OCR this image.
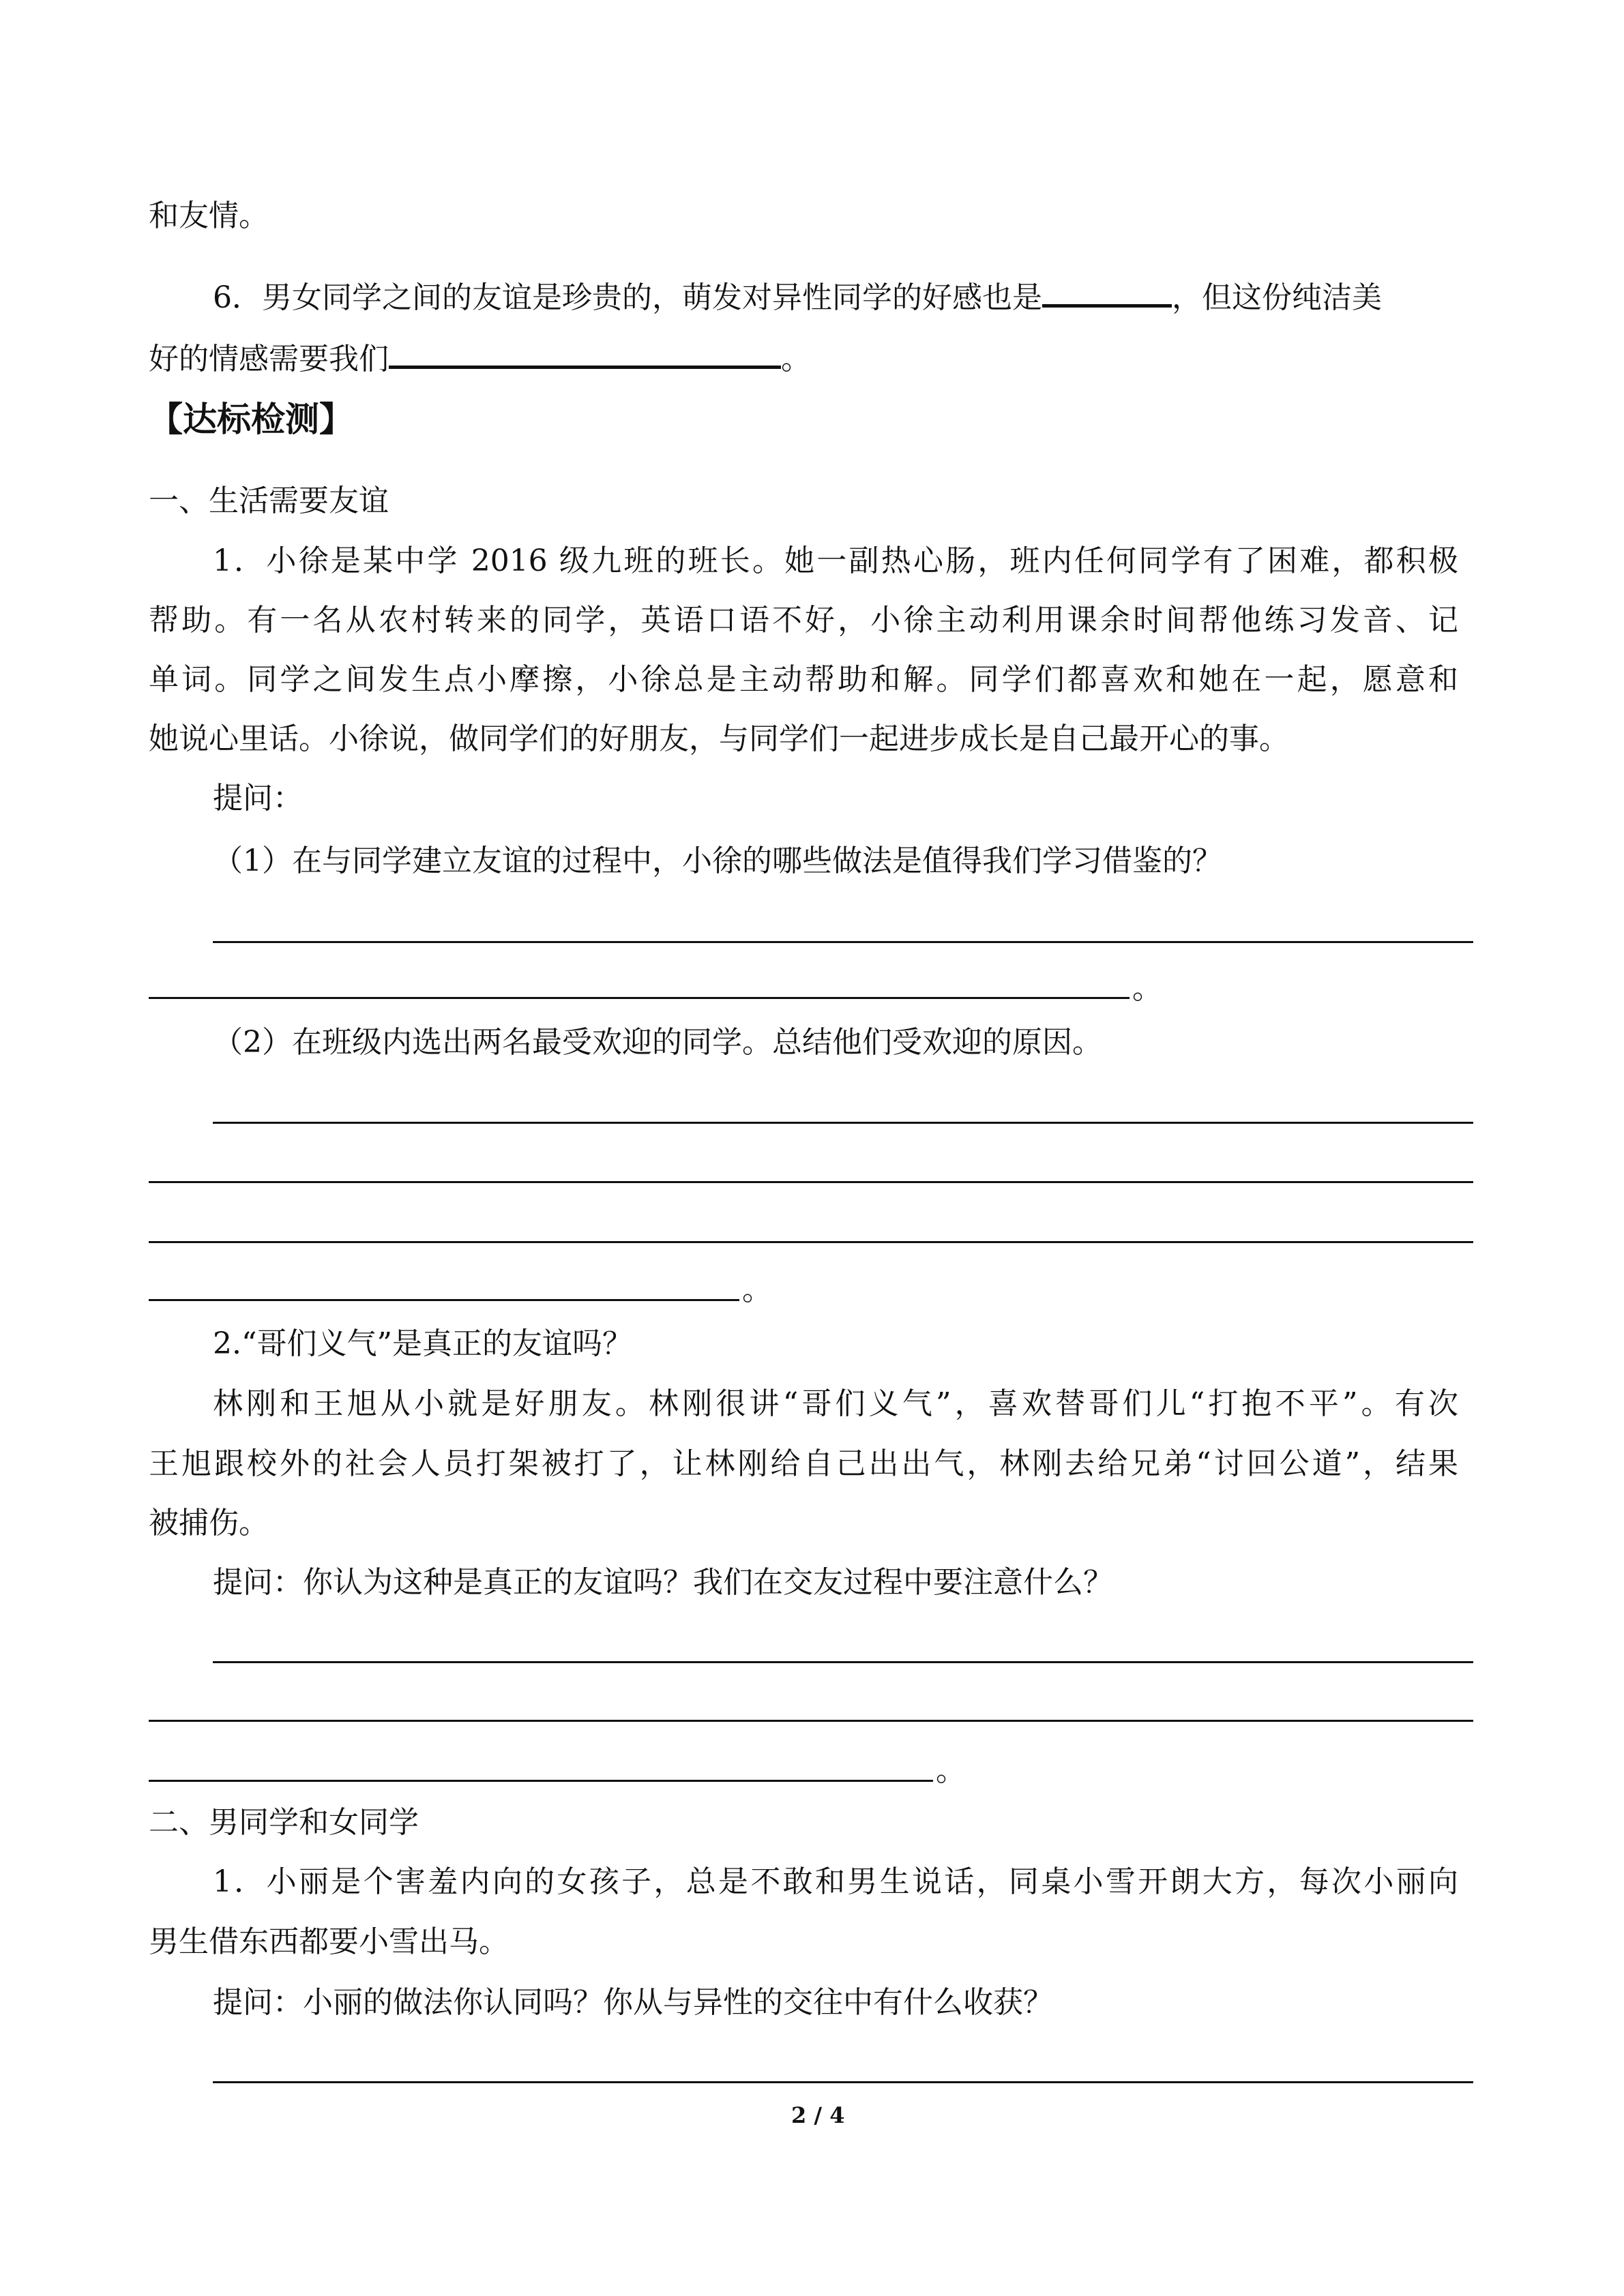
和友情。

6．男女同学之间的友谊是珍贵的，萌发对异性同学的好感也是	，但这份纯洁美

好的情感需要我们	。

【达标检测】

一、生活需要友谊

1．小徐是某中学 2016 级九班的班长。她一副热心肠，班内任何同学有了困难，都积极

帮助。有一名从农村转来的同学，英语口语不好，小徐主动利用课余时间帮他练习发音、记

单词。同学之间发生点小摩擦，小徐总是主动帮助和解。同学们都喜欢和她在一起，愿意和

她说心里话。小徐说，做同学们的好朋友，与同学们一起进步成长是自己最开心的事。

提问：

（1）在与同学建立友谊的过程中，小徐的哪些做法是值得我们学习借鉴的？

。

（2）在班级内选出两名最受欢迎的同学。总结他们受欢迎的原因。

。

2.“哥们义气”是真正的友谊吗？

林刚和王旭从小就是好朋友。林刚很讲“哥们义气”，喜欢替哥们儿“打抱不平”。有次

王旭跟校外的社会人员打架被打了，让林刚给自己出出气，林刚去给兄弟“讨回公道”，结果

被捕伤。

提问：你认为这种是真正的友谊吗？我们在交友过程中要注意什么？

。

二、男同学和女同学

1．小丽是个害羞内向的女孩子，总是不敢和男生说话，同桌小雪开朗大方，每次小丽向

男生借东西都要小雪出马。

提问：小丽的做法你认同吗？你从与异性的交往中有什么收获？

2 / 4
